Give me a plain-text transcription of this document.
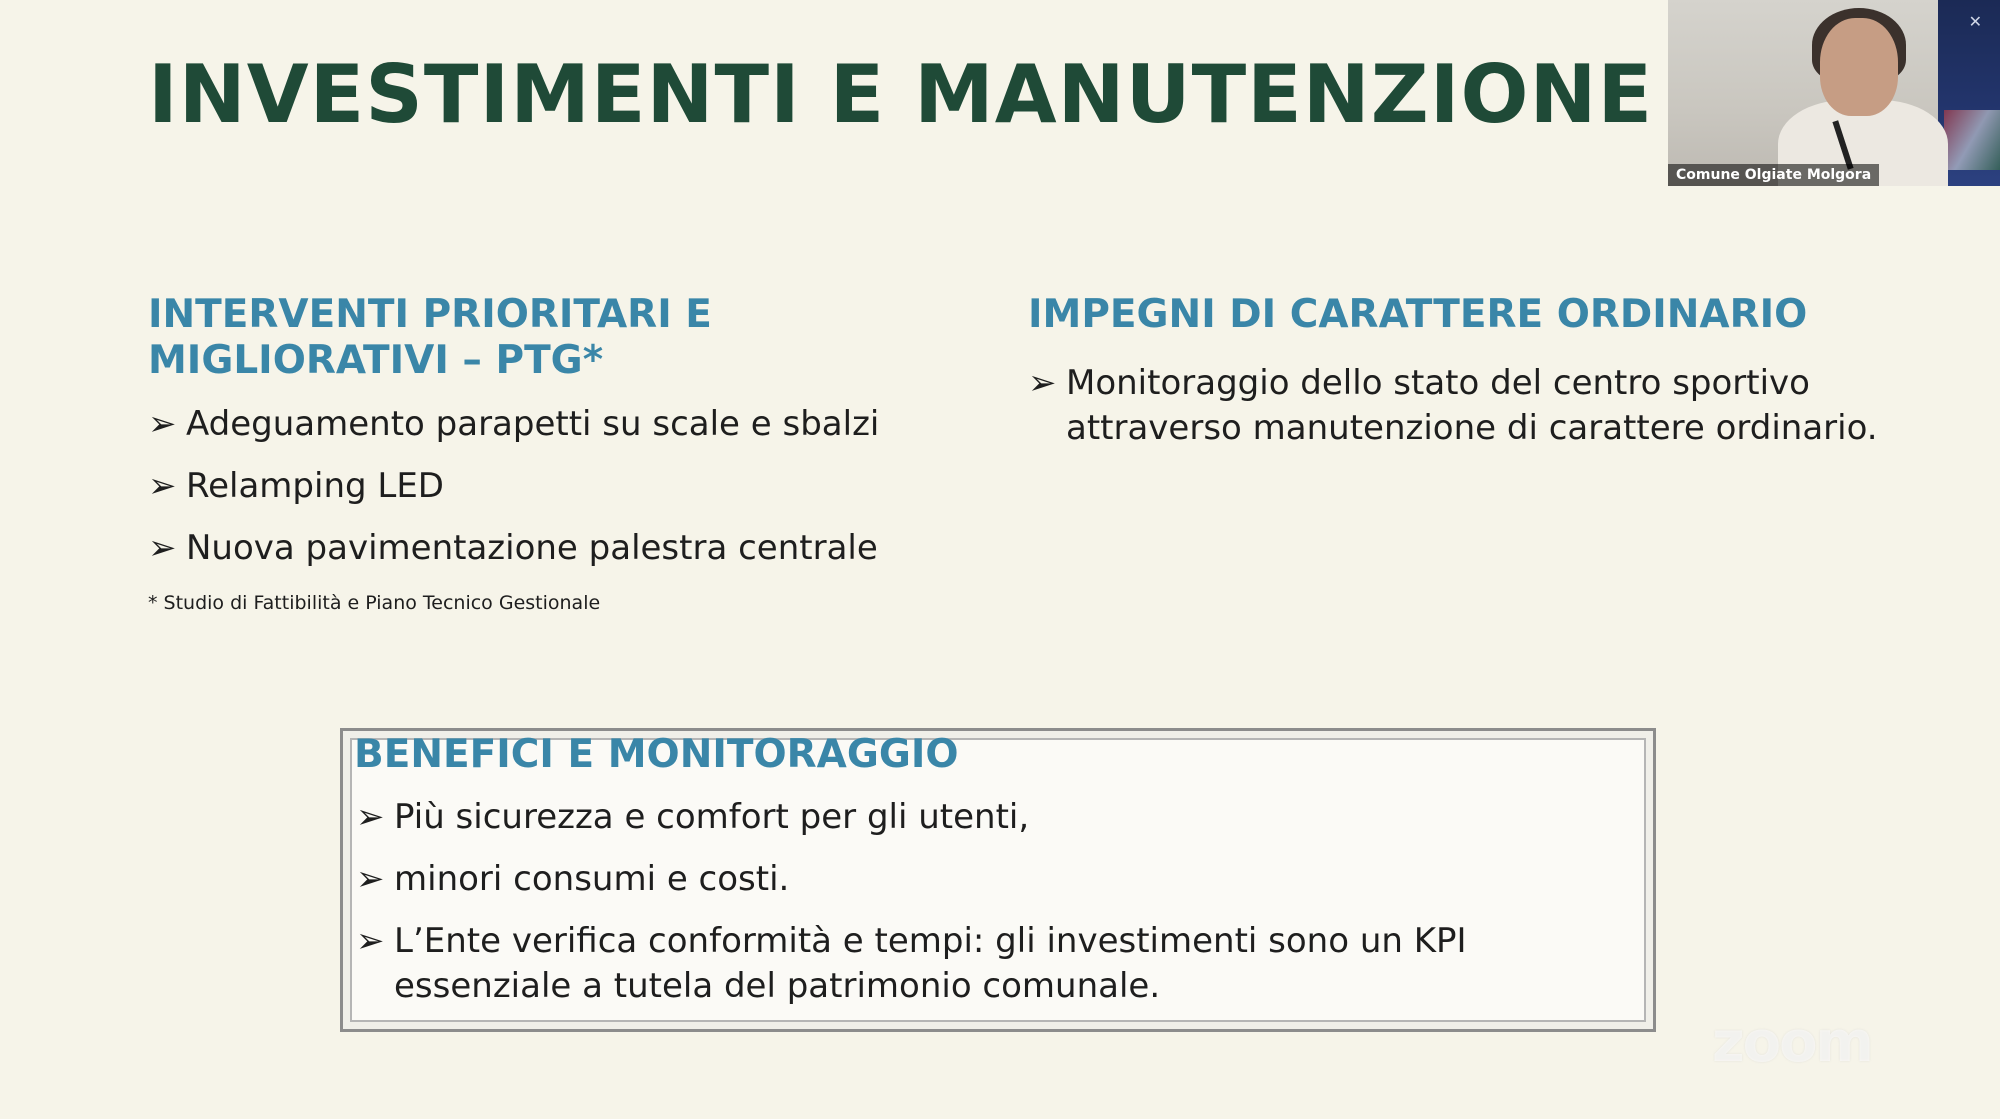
INVESTIMENTI E MANUTENZIONE
INTERVENTI PRIORITARI E MIGLIORATIVI – PTG*
➢ Adeguamento parapetti su scale e sbalzi
➢ Relamping LED
➢ Nuova pavimentazione palestra centrale
* Studio di Fattibilità e Piano Tecnico Gestionale
IMPEGNI DI CARATTERE ORDINARIO
➢ Monitoraggio dello stato del centro sportivo attraverso manutenzione di carattere ordinario.
BENEFICI E MONITORAGGIO
➢ Più sicurezza e comfort per gli utenti,
➢ minori consumi e costi.
➢ L’Ente verifica conformità e tempi: gli investimenti sono un KPI essenziale a tutela del patrimonio comunale.
✕
Comune Olgiate Molgora
zoom
